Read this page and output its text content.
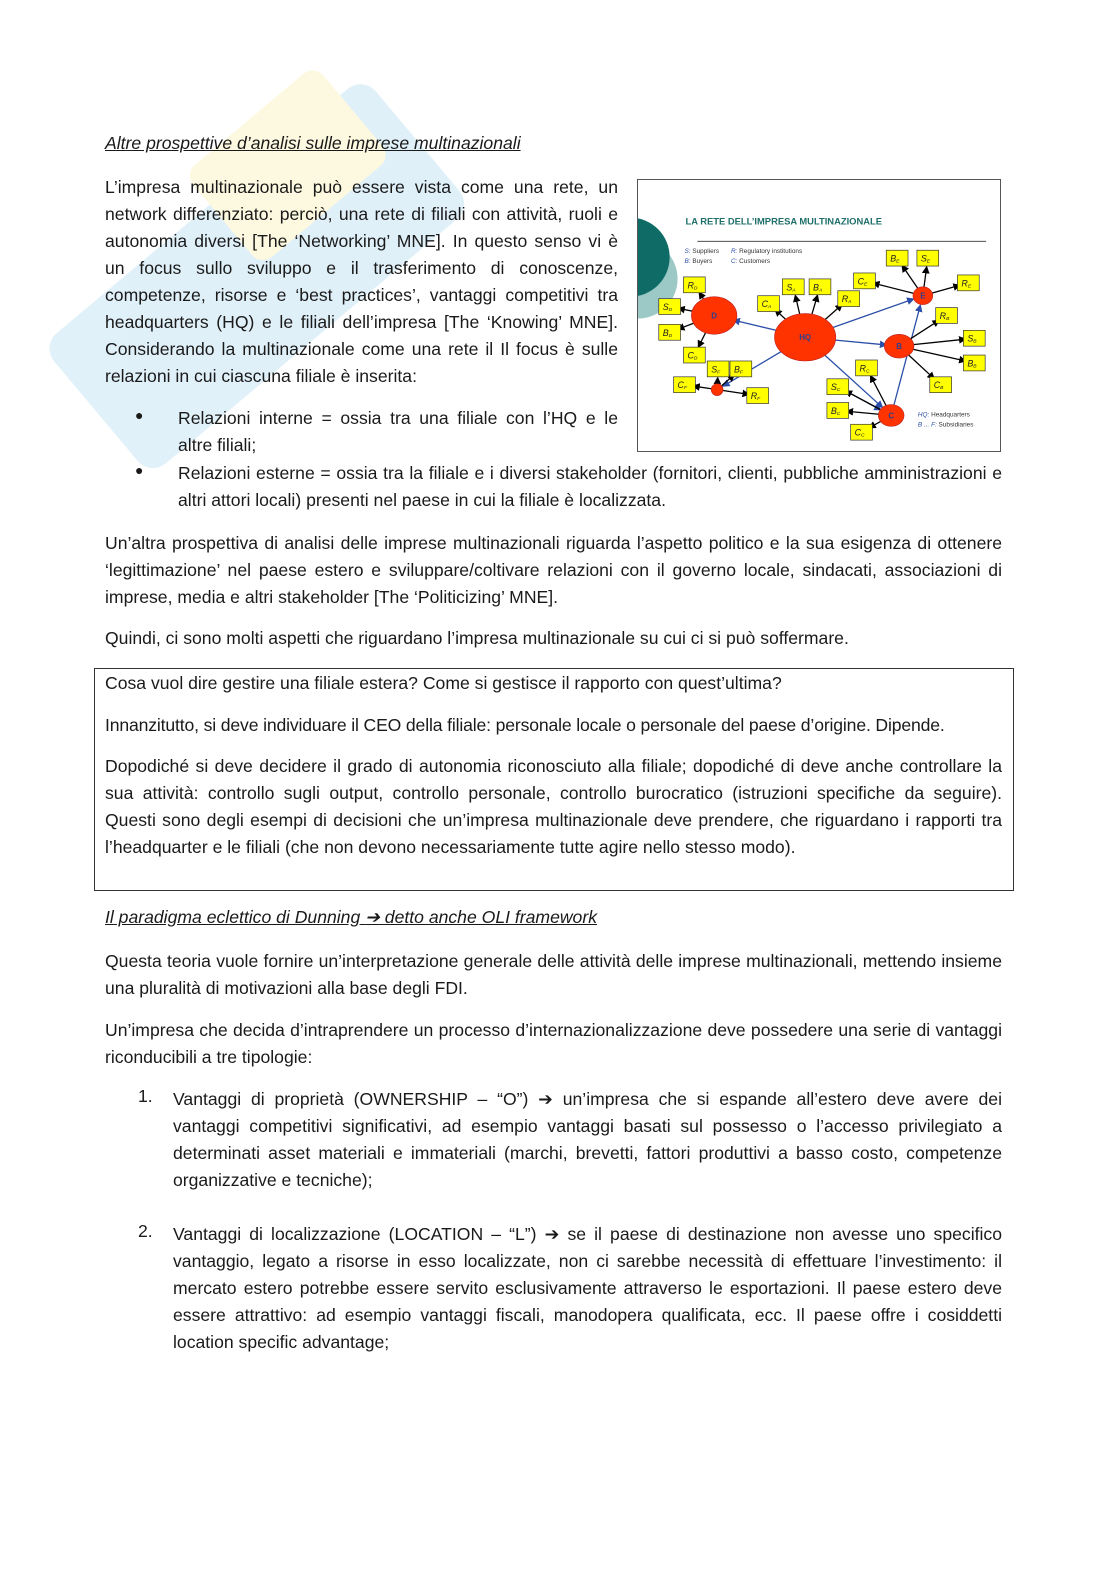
Altre prospettive d’analisi sulle imprese multinazionali

L’impresa multinazionale può essere vista come una rete, un network differenziato: perciò, una rete di filiali con attività, ruoli e autonomia diversi [The ‘Networking’ MNE]. In questo senso vi è un focus sullo sviluppo e il trasferimento di conoscenze, competenze, risorse e ‘best practices’, vantaggi competitivi tra headquarters (HQ) e le filiali dell’impresa [The ‘Knowing’ MNE]. Considerando la multinazionale come una rete il Il focus è sulle relazioni in cui ciascuna filiale è inserita:

LA RETE DELL’IMPRESA MULTINAZIONALE
S: Suppliers R: Regulatory institutions
B: Buyers	C: Customers
HQ: Headquarters
B ... F: Subsidiaries
HQ
D
E
B
C
RD
SD
BD
CD
SF BF
CF
RF
CA
SA BA
RA
CE
BE SE
RE
RB
SB
BB
CB
RC
SC
BC
CC
● Relazioni interne = ossia tra una filiale con l’HQ e le altre filiali;
● Relazioni esterne = ossia tra la filiale e i diversi stakeholder (fornitori, clienti, pubbliche amministrazioni e altri attori locali) presenti nel paese in cui la filiale è localizzata.

Un’altra prospettiva di analisi delle imprese multinazionali riguarda l’aspetto politico e la sua esigenza di ottenere ‘legittimazione’ nel paese estero e sviluppare/coltivare relazioni con il governo locale, sindacati, associazioni di imprese, media e altri stakeholder [The ‘Politicizing’ MNE].

Quindi, ci sono molti aspetti che riguardano l’impresa multinazionale su cui ci si può soffermare.

Cosa vuol dire gestire una filiale estera? Come si gestisce il rapporto con quest’ultima?

Innanzitutto, si deve individuare il CEO della filiale: personale locale o personale del paese d’origine. Dipende.

Dopodiché si deve decidere il grado di autonomia riconosciuto alla filiale; dopodiché di deve anche controllare la sua attività: controllo sugli output, controllo personale, controllo burocratico (istruzioni specifiche da seguire). Questi sono degli esempi di decisioni che un’impresa multinazionale deve prendere, che riguardano i rapporti tra l’headquarter e le filiali (che non devono necessariamente tutte agire nello stesso modo).

Il paradigma eclettico di Dunning ➔ detto anche OLI framework

Questa teoria vuole fornire un’interpretazione generale delle attività delle imprese multinazionali, mettendo insieme una pluralità di motivazioni alla base degli FDI.

Un’impresa che decida d’intraprendere un processo d’internazionalizzazione deve possedere una serie di vantaggi riconducibili a tre tipologie:

1. Vantaggi di proprietà (OWNERSHIP – “O”) ➔ un’impresa che si espande all’estero deve avere dei vantaggi competitivi significativi, ad esempio vantaggi basati sul possesso o l’accesso privilegiato a determinati asset materiali e immateriali (marchi, brevetti, fattori produttivi a basso costo, competenze organizzative e tecniche);
2. Vantaggi di localizzazione (LOCATION – “L”) ➔ se il paese di destinazione non avesse uno specifico vantaggio, legato a risorse in esso localizzate, non ci sarebbe necessità di effettuare l’investimento: il mercato estero potrebbe essere servito esclusivamente attraverso le esportazioni. Il paese estero deve essere attrattivo: ad esempio vantaggi fiscali, manodopera qualificata, ecc. Il paese offre i cosiddetti location specific advantage;
